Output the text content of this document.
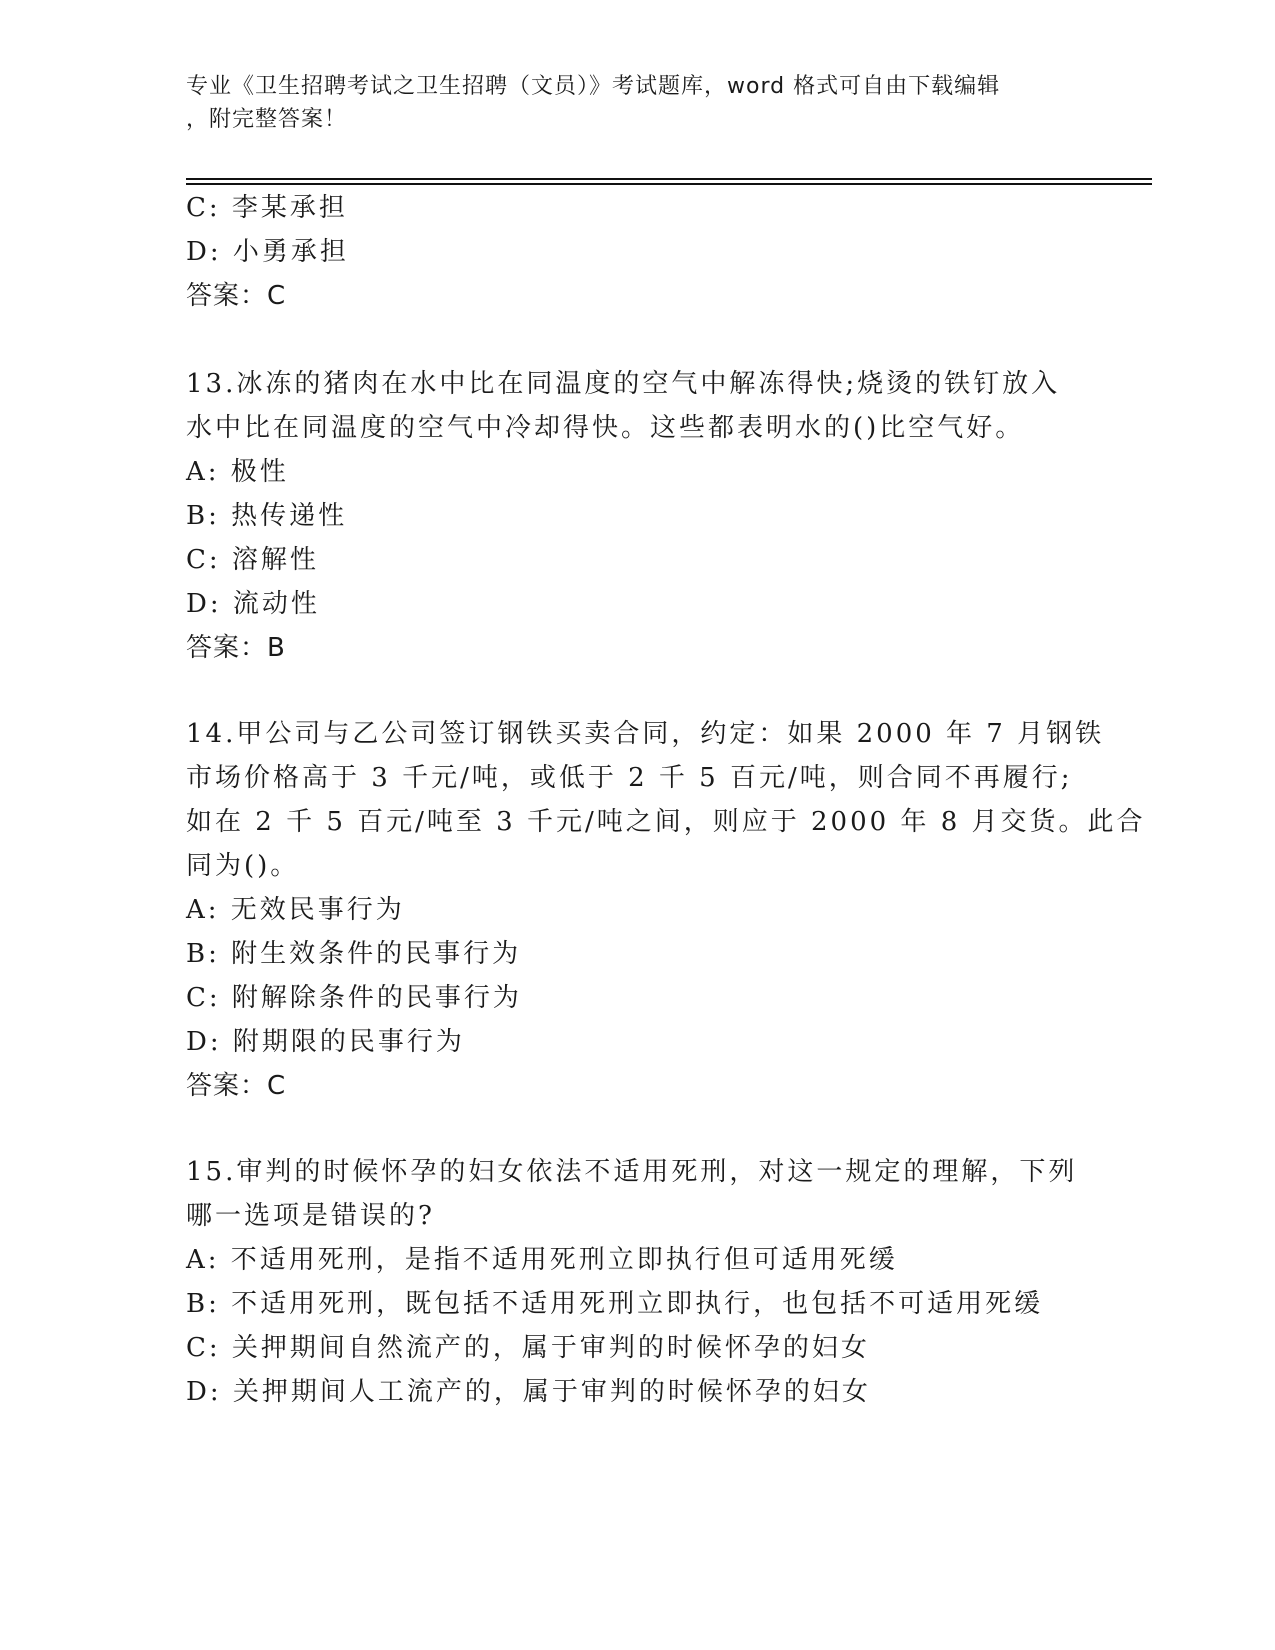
专业《卫生招聘考试之卫生招聘（文员）》考试题库，word 格式可自由下载编辑
，附完整答案！
C: 李某承担
D: 小勇承担
答案：C
13.冰冻的猪肉在水中比在同温度的空气中解冻得快;烧烫的铁钉放入
水中比在同温度的空气中冷却得快。这些都表明水的()比空气好。
A: 极性
B: 热传递性
C: 溶解性
D: 流动性
答案：B
14.甲公司与乙公司签订钢铁买卖合同，约定：如果 2000 年 7 月钢铁
市场价格高于 3 千元/吨，或低于 2 千 5 百元/吨，则合同不再履行;
如在 2 千 5 百元/吨至 3 千元/吨之间，则应于 2000 年 8 月交货。此合
同为()。
A: 无效民事行为
B: 附生效条件的民事行为
C: 附解除条件的民事行为
D: 附期限的民事行为
答案：C
15.审判的时候怀孕的妇女依法不适用死刑，对这一规定的理解，下列
哪一选项是错误的?
A: 不适用死刑，是指不适用死刑立即执行但可适用死缓
B: 不适用死刑，既包括不适用死刑立即执行，也包括不可适用死缓
C: 关押期间自然流产的，属于审判的时候怀孕的妇女
D: 关押期间人工流产的，属于审判的时候怀孕的妇女
